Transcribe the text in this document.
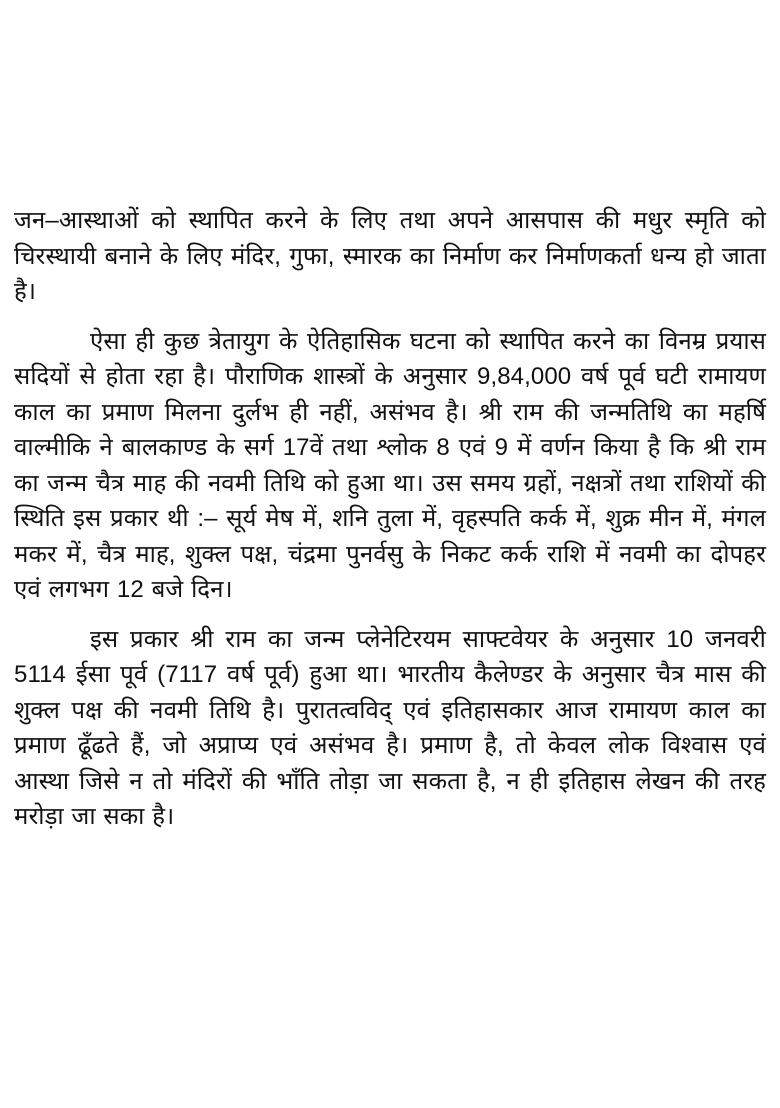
जन–आस्थाओं को स्थापित करने के लिए तथा अपने आसपास की मधुर स्मृति को चिरस्थायी बनाने के लिए मंदिर, गुफा, स्मारक का निर्माण कर निर्माणकर्ता धन्य हो जाता है।

ऐसा ही कुछ त्रेतायुग के ऐतिहासिक घटना को स्थापित करने का विनम्र प्रयास सदियों से होता रहा है। पौराणिक शास्त्रों के अनुसार 9,84,000 वर्ष पूर्व घटी रामायण काल का प्रमाण मिलना दुर्लभ ही नहीं, असंभव है। श्री राम की जन्मतिथि का महर्षि वाल्मीकि ने बालकाण्ड के सर्ग 17वें तथा श्लोक 8 एवं 9 में वर्णन किया है कि श्री राम का जन्म चैत्र माह की नवमी तिथि को हुआ था। उस समय ग्रहों, नक्षत्रों तथा राशियों की स्थिति इस प्रकार थी :– सूर्य मेष में, शनि तुला में, वृहस्पति कर्क में, शुक्र मीन में, मंगल मकर में, चैत्र माह, शुक्ल पक्ष, चंद्रमा पुनर्वसु के निकट कर्क राशि में नवमी का दोपहर एवं लगभग 12 बजे दिन।

इस प्रकार श्री राम का जन्म प्लेनेटिरयम साफ्टवेयर के अनुसार 10 जनवरी 5114 ईसा पूर्व (7117 वर्ष पूर्व) हुआ था। भारतीय कैलेण्डर के अनुसार चैत्र मास की शुक्ल पक्ष की नवमी तिथि है। पुरातत्वविद् एवं इतिहासकार आज रामायण काल का प्रमाण ढूँढते हैं, जो अप्राप्य एवं असंभव है। प्रमाण है, तो केवल लोक विश्वास एवं आस्था जिसे न तो मंदिरों की भाँति तोड़ा जा सकता है, न ही इतिहास लेखन की तरह मरोड़ा जा सका है।
